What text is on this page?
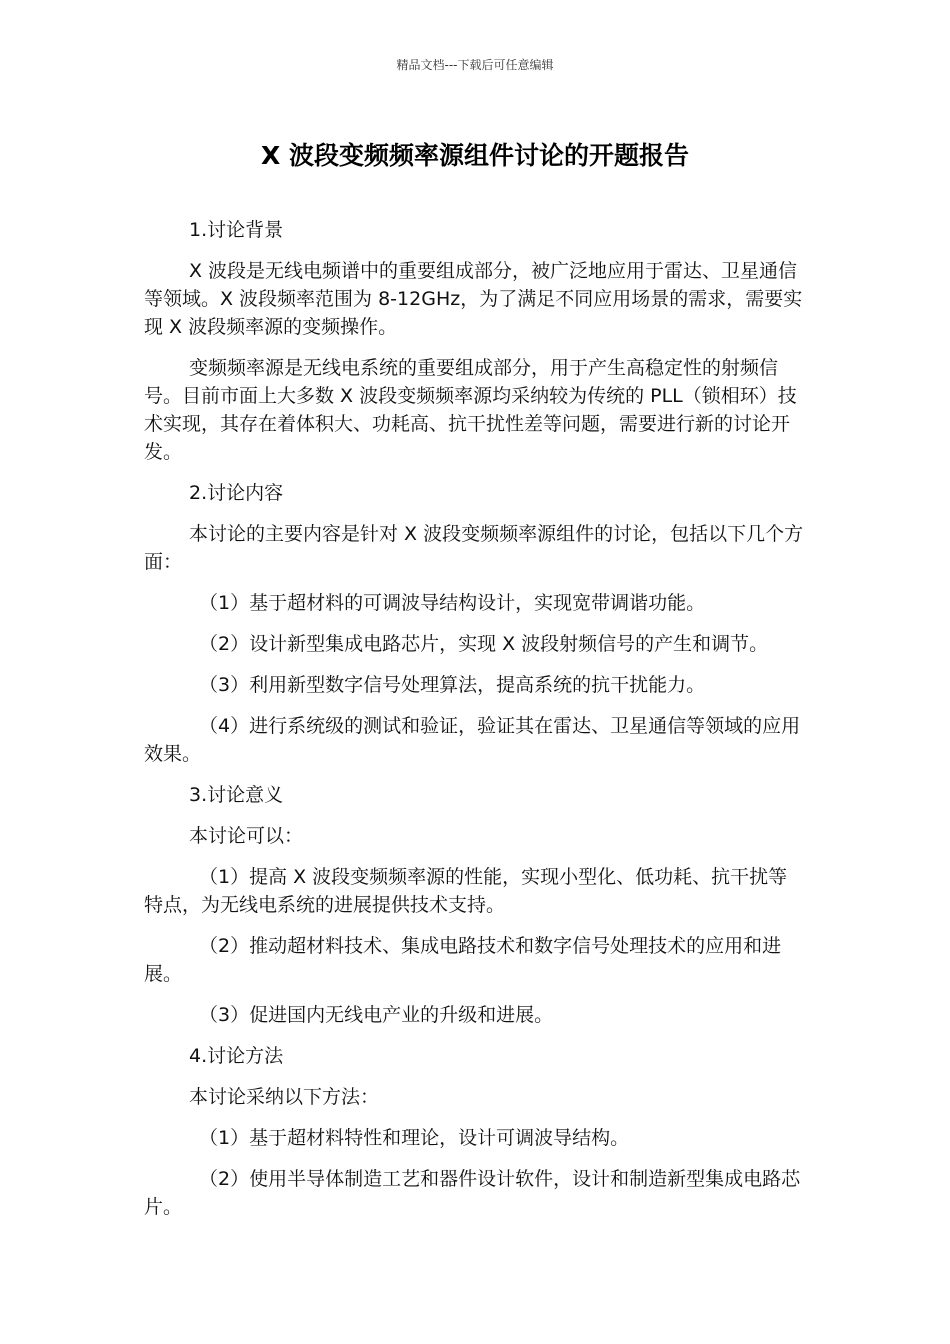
精品文档---下载后可任意编辑
X 波段变频频率源组件讨论的开题报告

1.讨论背景

X 波段是无线电频谱中的重要组成部分，被广泛地应用于雷达、卫星通信等领域。X 波段频率范围为 8-12GHz，为了满足不同应用场景的需求，需要实现 X 波段频率源的变频操作。

变频频率源是无线电系统的重要组成部分，用于产生高稳定性的射频信号。目前市面上大多数 X 波段变频频率源均采纳较为传统的 PLL（锁相环）技术实现，其存在着体积大、功耗高、抗干扰性差等问题，需要进行新的讨论开发。

2.讨论内容

本讨论的主要内容是针对 X 波段变频频率源组件的讨论，包括以下几个方面：

（1）基于超材料的可调波导结构设计，实现宽带调谐功能。

（2）设计新型集成电路芯片，实现 X 波段射频信号的产生和调节。

（3）利用新型数字信号处理算法，提高系统的抗干扰能力。

（4）进行系统级的测试和验证，验证其在雷达、卫星通信等领域的应用效果。

3.讨论意义

本讨论可以：

（1）提高 X 波段变频频率源的性能，实现小型化、低功耗、抗干扰等特点，为无线电系统的进展提供技术支持。

（2）推动超材料技术、集成电路技术和数字信号处理技术的应用和进展。

（3）促进国内无线电产业的升级和进展。

4.讨论方法

本讨论采纳以下方法：

（1）基于超材料特性和理论，设计可调波导结构。

（2）使用半导体制造工艺和器件设计软件，设计和制造新型集成电路芯片。
